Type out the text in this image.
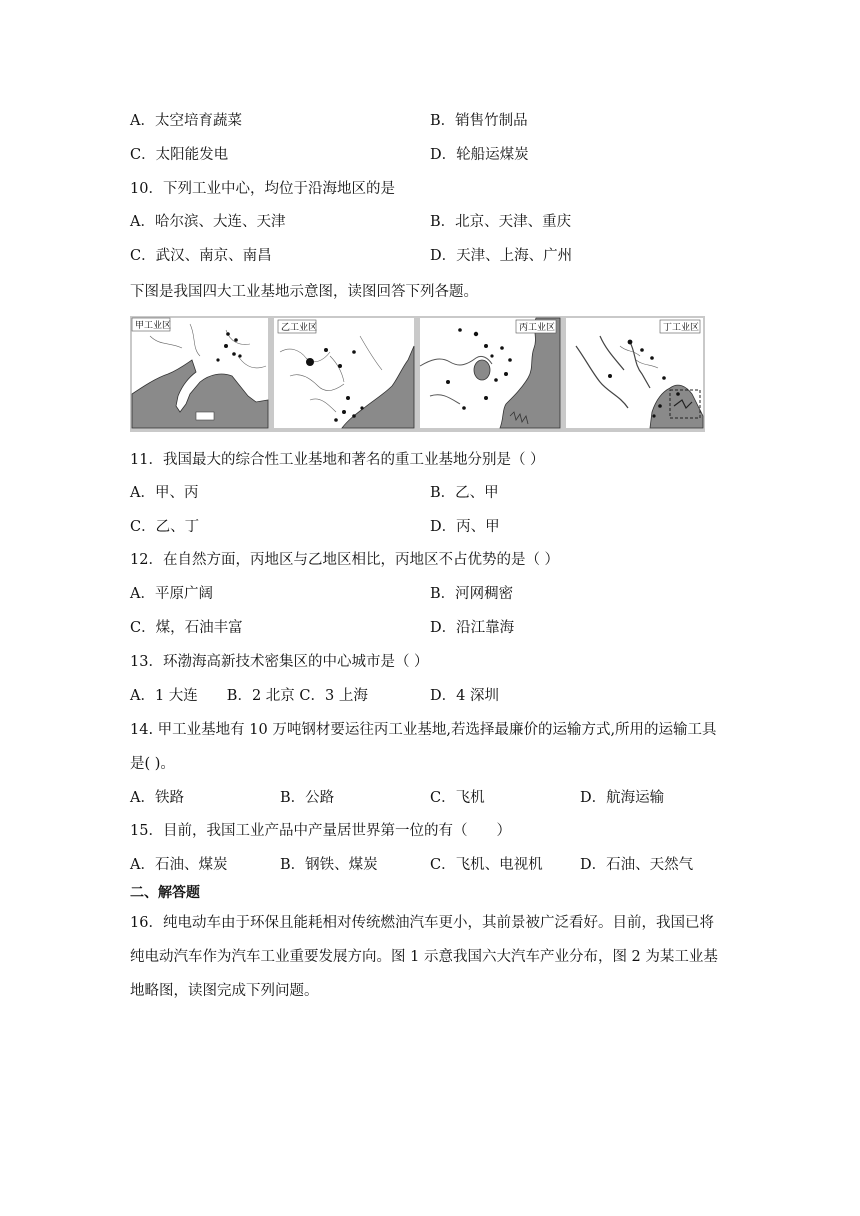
A．太空培育蔬菜	B．销售竹制品
C．太阳能发电	D．轮船运煤炭
10．下列工业中心，均位于沿海地区的是
A．哈尔滨、大连、天津	B．北京、天津、重庆
C．武汉、南京、南昌	D．天津、上海、广州
下图是我国四大工业基地示意图，读图回答下列各题。
甲工业区	乙工业区	丙工业区	丁工业区
11．我国最大的综合性工业基地和著名的重工业基地分别是（ ）
A．甲、丙	B．乙、甲
C．乙、丁	D．丙、甲
12．在自然方面，丙地区与乙地区相比，丙地区不占优势的是（ ）
A．平原广阔	B．河网稠密
C．煤，石油丰富	D．沿江靠海
13．环渤海高新技术密集区的中心城市是（ ）
A．1 大连　　B．2 北京 C．3 上海	D．4 深圳
14. 甲工业基地有 10 万吨钢材要运往丙工业基地,若选择最廉价的运输方式,所用的运输工具
是( )。
A．铁路	B．公路	C．飞机	D．航海运输
15．目前，我国工业产品中产量居世界第一位的有（　　）
A．石油、煤炭	B．钢铁、煤炭	C．飞机、电视机	D．石油、天然气
二、解答题
16．纯电动车由于环保且能耗相对传统燃油汽车更小，其前景被广泛看好。目前，我国已将
纯电动汽车作为汽车工业重要发展方向。图 1 示意我国六大汽车产业分布，图 2 为某工业基
地略图，读图完成下列问题。
